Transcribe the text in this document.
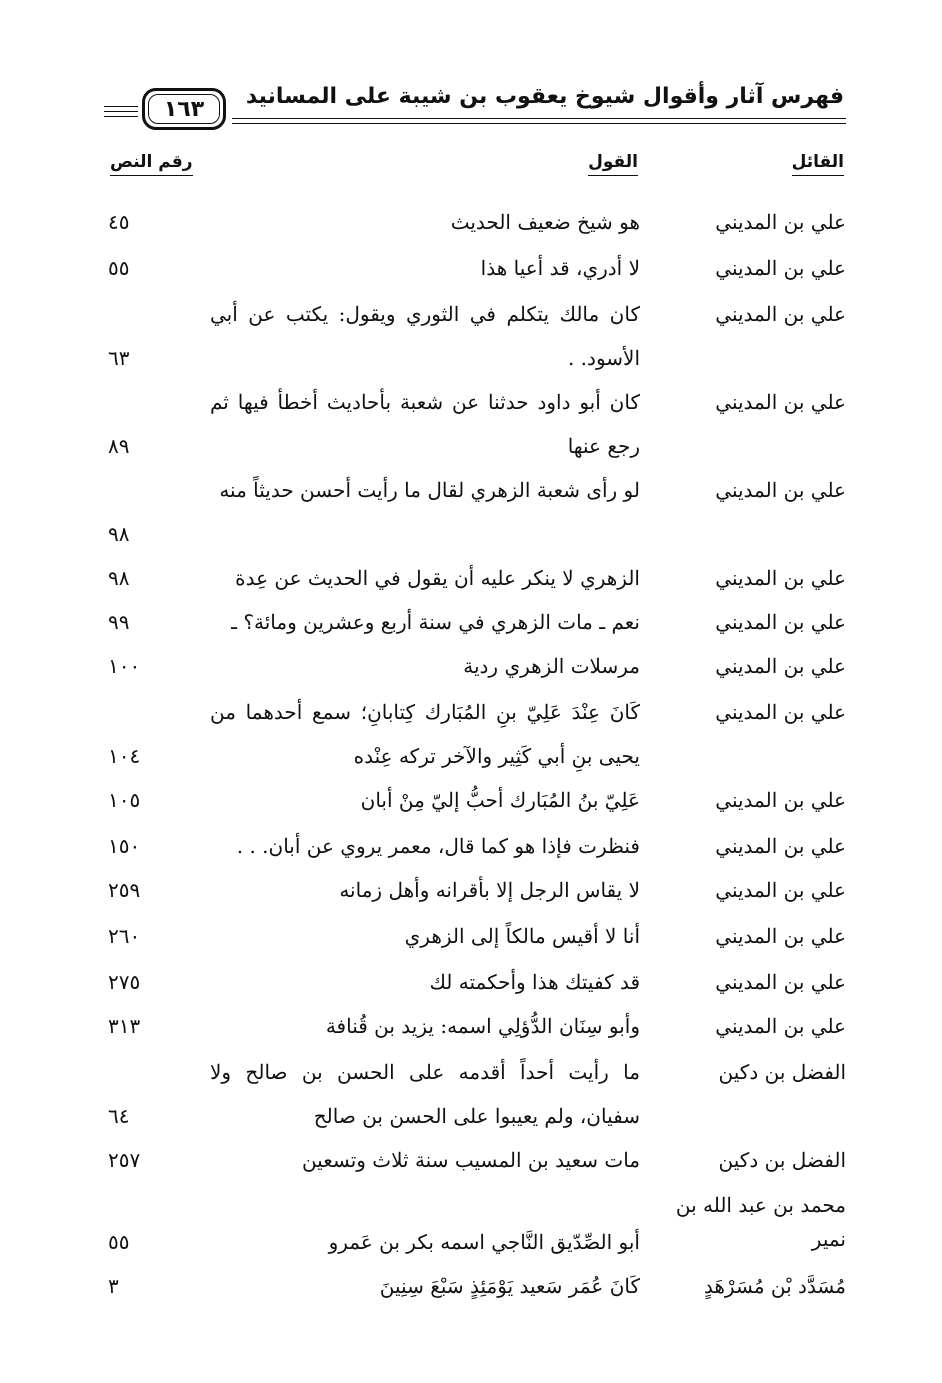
فهرس آثار وأقوال شيوخ يعقوب بن شيبة على المسانيد
١٦٣
القائل
القول
رقم النص
علي بن المديني
هو شيخ ضعيف الحديث
٤٥
علي بن المديني
لا أدري، قد أعيا هذا
٥٥
علي بن المديني
كان مالك يتكلم في الثوري ويقول: يكتب عن أبي الأسود. .
٦٣
علي بن المديني
كان أبو داود حدثنا عن شعبة بأحاديث أخطأ فيها ثم رجع عنها
٨٩
علي بن المديني
لو رأى شعبة الزهري لقال ما رأيت أحسن حديثاً منه
٩٨
علي بن المديني
الزهري لا ينكر عليه أن يقول في الحديث عن عِدة
٩٨
علي بن المديني
نعم ـ مات الزهري في سنة أربع وعشرين ومائة؟ ـ
٩٩
علي بن المديني
مرسلات الزهري ردية
١٠٠
علي بن المديني
كَانَ عِنْدَ عَلِيّ بنِ المُبَارك كِتابانِ؛ سمع أحدهما من يحيى بنِ أبي كَثِير والآخر تركه عِنْده
١٠٤
علي بن المديني
عَلِيّ بنُ المُبَارك أحبُّ إليّ مِنْ أبان
١٠٥
علي بن المديني
فنظرت فإذا هو كما قال، معمر يروي عن أبان. . .
١٥٠
علي بن المديني
لا يقاس الرجل إلا بأقرانه وأهل زمانه
٢٥٩
علي بن المديني
أنا لا أقيس مالكاً إلى الزهري
٢٦٠
علي بن المديني
قد كفيتك هذا وأحكمته لك
٢٧٥
علي بن المديني
وأبو سِنَان الدُّؤلِي اسمه: يزيد بن قُنافة
٣١٣
الفضل بن دكين
ما رأيت أحداً أقدمه على الحسن بن صالح ولا سفيان، ولم يعيبوا على الحسن بن صالح
٦٤
الفضل بن دكين
مات سعيد بن المسيب سنة ثلاث وتسعين
٢٥٧
محمد بن عبد الله بن نمير
أبو الصِّدّيق النَّاجي اسمه بكر بن عَمرو
٥٥
مُسَدَّد بْن مُسَرْهَدٍ
كَانَ عُمَر سَعيد يَوْمَئِذٍ سَبْعَ سِنِينَ
٣
